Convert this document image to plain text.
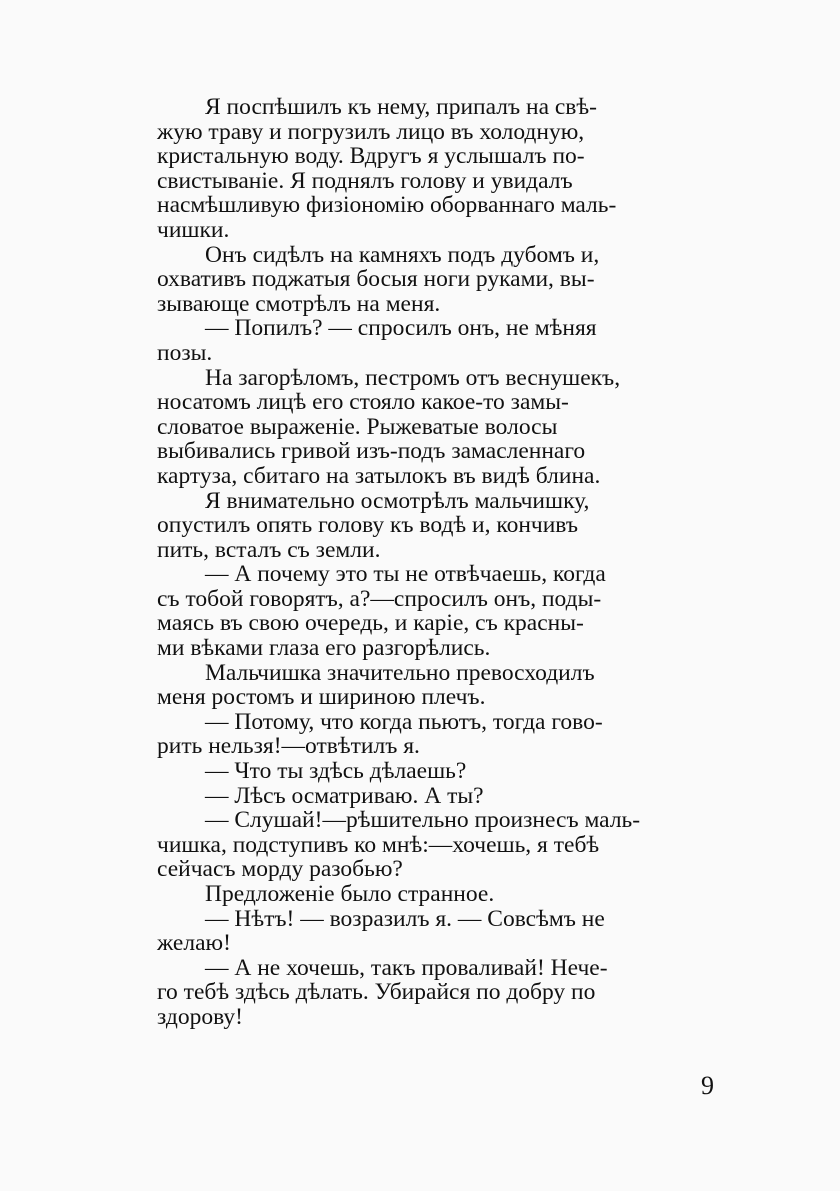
Я поспѣшилъ къ нему, припалъ на свѣ-
жую траву и погрузилъ лицо въ холодную,
кристальную воду. Вдругъ я услышалъ по-
свистываніе. Я поднялъ голову и увидалъ
насмѣшливую физіономію оборваннаго маль-
чишки.

Онъ сидѣлъ на камняхъ подъ дубомъ и,
охвативъ поджатыя босыя ноги руками, вы-
зывающе смотрѣлъ на меня.

— Попилъ? — спросилъ онъ, не мѣняя
позы.

На загорѣломъ, пестромъ отъ веснушекъ,
носатомъ лицѣ его стояло какое-то замы-
словатое выраженіе. Рыжеватые волосы
выбивались гривой изъ-подъ замасленнаго
картуза, сбитаго на затылокъ въ видѣ блина.

Я внимательно осмотрѣлъ мальчишку,
опустилъ опять голову къ водѣ и, кончивъ
пить, всталъ съ земли.

— А почему это ты не отвѣчаешь, когда
съ тобой говорятъ, а?—спросилъ онъ, поды-
маясь въ свою очередь, и каріе, съ красны-
ми вѣками глаза его разгорѣлись.

Мальчишка значительно превосходилъ
меня ростомъ и шириною плечъ.

— Потому, что когда пьютъ, тогда гово-
рить нельзя!—отвѣтилъ я.

— Что ты здѣсь дѣлаешь?

— Лѣсъ осматриваю. А ты?

— Слушай!—рѣшительно произнесъ маль-
чишка, подступивъ ко мнѣ:—хочешь, я тебѣ
сейчасъ морду разобью?

Предложеніе было странное.

— Нѣтъ! — возразилъ я. — Совсѣмъ не
желаю!

— А не хочешь, такъ проваливай! Нече-
го тебѣ здѣсь дѣлать. Убирайся по добру по
здорову!

9
